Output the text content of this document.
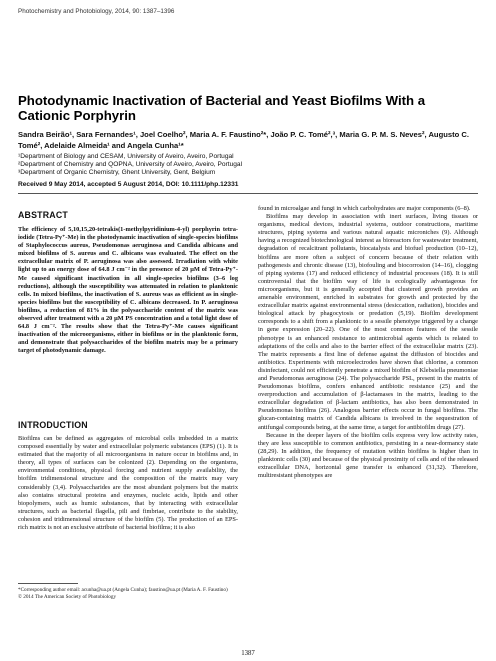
Photochemistry and Photobiology, 2014, 90: 1387–1396
Photodynamic Inactivation of Bacterial and Yeast Biofilms With a Cationic Porphyrin
Sandra Beirão¹, Sara Fernandes¹, Joel Coelho², Maria A. F. Faustino²*, João P. C. Tomé²,³, Maria G. P. M. S. Neves², Augusto C. Tomé², Adelaide Almeida¹ and Angela Cunha¹*
¹Department of Biology and CESAM, University of Aveiro, Aveiro, Portugal
²Department of Chemistry and QOPNA, University of Aveiro, Aveiro, Portugal
³Department of Organic Chemistry, Ghent University, Gent, Belgium
Received 9 May 2014, accepted 5 August 2014, DOI: 10.1111/php.12331
ABSTRACT
The efficiency of 5,10,15,20-tetrakis(1-methylpyridinium-4-yl) porphyrin tetra-iodide (Tetra-Py⁺-Me) in the photodynamic inactivation of single-species biofilms of Staphylococcus aureus, Pseudomonas aeruginosa and Candida albicans and mixed biofilms of S. aureus and C. albicans was evaluated. The effect on the extracellular matrix of P. aeruginosa was also assessed. Irradiation with white light up to an energy dose of 64.8 J cm⁻² in the presence of 20 μM of Tetra-Py⁺-Me caused significant inactivation in all single-species biofilms (3–6 log reductions), although the susceptibility was attenuated in relation to planktonic cells. In mixed biofilms, the inactivation of S. aureus was as efficient as in single-species biofilms but the susceptibility of C. albicans decreased. In P. aeruginosa biofilms, a reduction of 81% in the polysaccharide content of the matrix was observed after treatment with a 20 μM PS concentration and a total light dose of 64.8 J cm⁻². The results show that the Tetra-Py⁺-Me causes significant inactivation of the microorganisms, either in biofilms or in the planktonic form, and demonstrate that polysaccharides of the biofilm matrix may be a primary target of photodynamic damage.
INTRODUCTION
Biofilms can be defined as aggregates of microbial cells imbedded in a matrix composed essentially by water and extracellular polymeric substances (EPS) (1). It is estimated that the majority of all microorganisms in nature occur in biofilms and, in theory, all types of surfaces can be colonized (2). Depending on the organisms, environmental conditions, physical forcing and nutrient supply availability, the biofilm tridimensional structure and the composition of the matrix may vary considerably (3,4). Polysaccharides are the most abundant polymers but the matrix also contains structural proteins and enzymes, nucleic acids, lipids and other biopolymers, such as humic substances, that by interacting with extracellular structures, such as bacterial flagella, pili and fimbriae, contribute to the stability, cohesion and tridimensional structure of the biofilm (5). The production of an EPS-rich matrix is not an exclusive attribute of bacterial biofilms; it is also
*Corresponding author email: acunha@ua.pt (Angela Cunha); faustino@ua.pt (Maria A. F. Faustino)
© 2014 The American Society of Photobiology

found in microalgae and fungi in which carbohydrates are major components (6–8).

Biofilms may develop in association with inert surfaces, living tissues or organisms, medical devices, industrial systems, outdoor constructions, maritime structures, piping systems and various natural aquatic microniches (9). Although having a recognized biotechnological interest as bioreactors for wastewater treatment, degradation of recalcitrant pollutants, biocatalysis and biofuel production (10–12), biofilms are more often a subject of concern because of their relation with pathogenesis and chronic disease (13), biofouling and biocorrosion (14–16), clogging of piping systems (17) and reduced efficiency of industrial processes (18). It is still controversial that the biofilm way of life is ecologically advantageous for microorganisms, but it is generally accepted that clustered growth provides an amenable environment, enriched in substrates for growth and protected by the extracellular matrix against environmental stress (desiccation, radiation), biocides and biological attack by phagocytosis or predation (5,19). Biofilm development corresponds to a shift from a planktonic to a sessile phenotype triggered by a change in gene expression (20–22). One of the most common features of the sessile phenotype is an enhanced resistance to antimicrobial agents which is related to adaptations of the cells and also to the barrier effect of the extracellular matrix (23). The matrix represents a first line of defense against the diffusion of biocides and antibiotics. Experiments with microelectrodes have shown that chlorine, a common disinfectant, could not efficiently penetrate a mixed biofilm of Klebsiella pneumoniae and Pseudomonas aeruginosa (24). The polysaccharide PSL, present in the matrix of Pseudomonas biofilms, confers enhanced antibiotic resistance (25) and the overproduction and accumulation of β-lactamases in the matrix, leading to the extracellular degradation of β-lactam antibiotics, has also been demonstrated in Pseudomonas biofilms (26). Analogous barrier effects occur in fungal biofilms. The glucan-containing matrix of Candida albicans is involved in the sequestration of antifungal compounds being, at the same time, a target for antibiofilm drugs (27).

Because in the deeper layers of the biofilm cells express very low activity rates, they are less susceptible to common antibiotics, persisting in a near-dormancy state (28,29). In addition, the frequency of mutation within biofilms is higher than in planktonic cells (30) and because of the physical proximity of cells and of the released extracellular DNA, horizontal gene transfer is enhanced (31,32). Therefore, multiresistant phenotypes are

1387
